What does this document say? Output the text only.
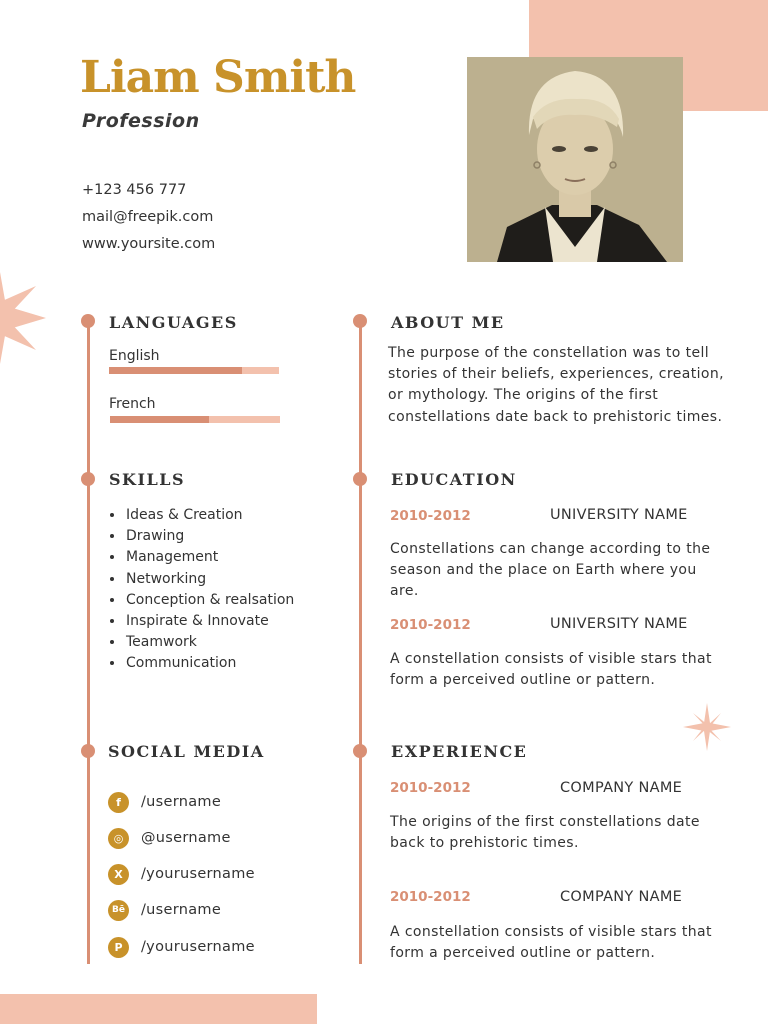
Liam Smith
Profession
+123 456 777
mail@freepik.com
www.yoursite.com
LANGUAGES
English
French
SKILLS
Ideas & Creation
Drawing
Management
Networking
Conception & realsation
Inspirate & Innovate
Teamwork
Communication
SOCIAL MEDIA
f	/username
◎	@username
X	/yourusername
Bē /username
P	/yourusername
ABOUT ME
The purpose of the constellation was to tell stories of their beliefs, experiences, creation, or mythology. The origins of the first constellations date back to prehistoric times.
EDUCATION
2010-2012	UNIVERSITY NAME
Constellations can change according to the season and the place on Earth where you are.
2010-2012	UNIVERSITY NAME
A constellation consists of visible stars that form a perceived outline or pattern.
EXPERIENCE
2010-2012	COMPANY NAME
The origins of the first constellations date back to prehistoric times.
2010-2012	COMPANY NAME
A constellation consists of visible stars that form a perceived outline or pattern.
